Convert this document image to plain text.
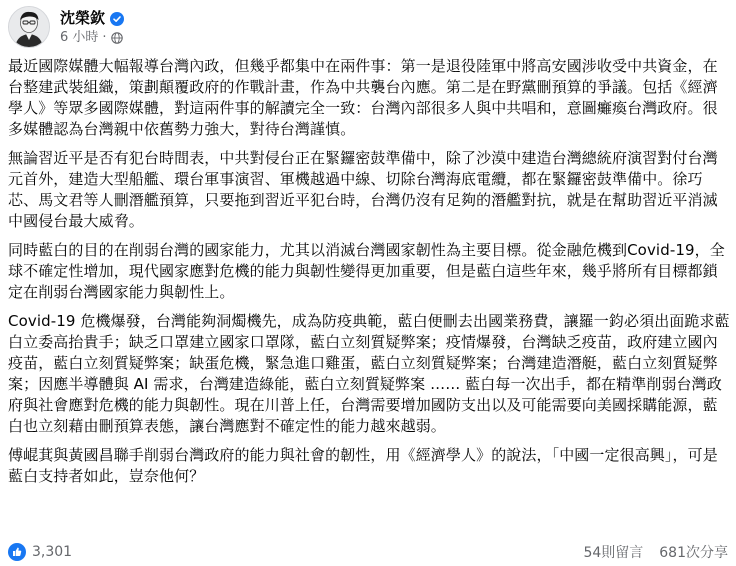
沈榮欽
6 小時 ·

最近國際媒體大幅報導台灣內政，但幾乎都集中在兩件事：第一是退役陸軍中將高安國涉收受中共資金，在台整建武裝組織，策劃顛覆政府的作戰計畫，作為中共襲台內應。第二是在野黨刪預算的爭議。包括《經濟學人》等眾多國際媒體，對這兩件事的解讀完全一致：台灣內部很多人與中共唱和，意圖癱瘓台灣政府。很多媒體認為台灣親中依舊勢力強大，對待台灣謹慎。

無論習近平是否有犯台時間表，中共對侵台正在緊鑼密鼓準備中，除了沙漠中建造台灣總統府演習對付台灣元首外，建造大型船艦、環台軍事演習、軍機越過中線、切除台灣海底電纜，都在緊鑼密鼓準備中。徐巧芯、馬文君等人刪潛艦預算，只要拖到習近平犯台時，台灣仍沒有足夠的潛艦對抗，就是在幫助習近平消滅中國侵台最大威脅。

同時藍白的目的在削弱台灣的國家能力，尤其以消滅台灣國家韌性為主要目標。從金融危機到Covid-19，全球不確定性增加，現代國家應對危機的能力與韌性變得更加重要，但是藍白這些年來，幾乎將所有目標都鎖定在削弱台灣國家能力與韌性上。

Covid-19 危機爆發，台灣能夠洞燭機先，成為防疫典範，藍白便刪去出國業務費，讓羅一鈞必須出面跪求藍白立委高抬貴手；缺乏口罩建立國家口罩隊，藍白立刻質疑弊案；疫情爆發，台灣缺乏疫苗，政府建立國內疫苗，藍白立刻質疑弊案；缺蛋危機，緊急進口雞蛋，藍白立刻質疑弊案；台灣建造潛艇，藍白立刻質疑弊案；因應半導體與 AI 需求，台灣建造綠能，藍白立刻質疑弊案 …… 藍白每一次出手，都在精準削弱台灣政府與社會應對危機的能力與韌性。現在川普上任，台灣需要增加國防支出以及可能需要向美國採購能源，藍白也立刻藉由刪預算表態，讓台灣應對不確定性的能力越來越弱。

傅崐萁與黃國昌聯手削弱台灣政府的能力與社會的韌性，用《經濟學人》的說法，「中國一定很高興」，可是藍白支持者如此，豈奈他何？

3,301	54則留言 681次分享
